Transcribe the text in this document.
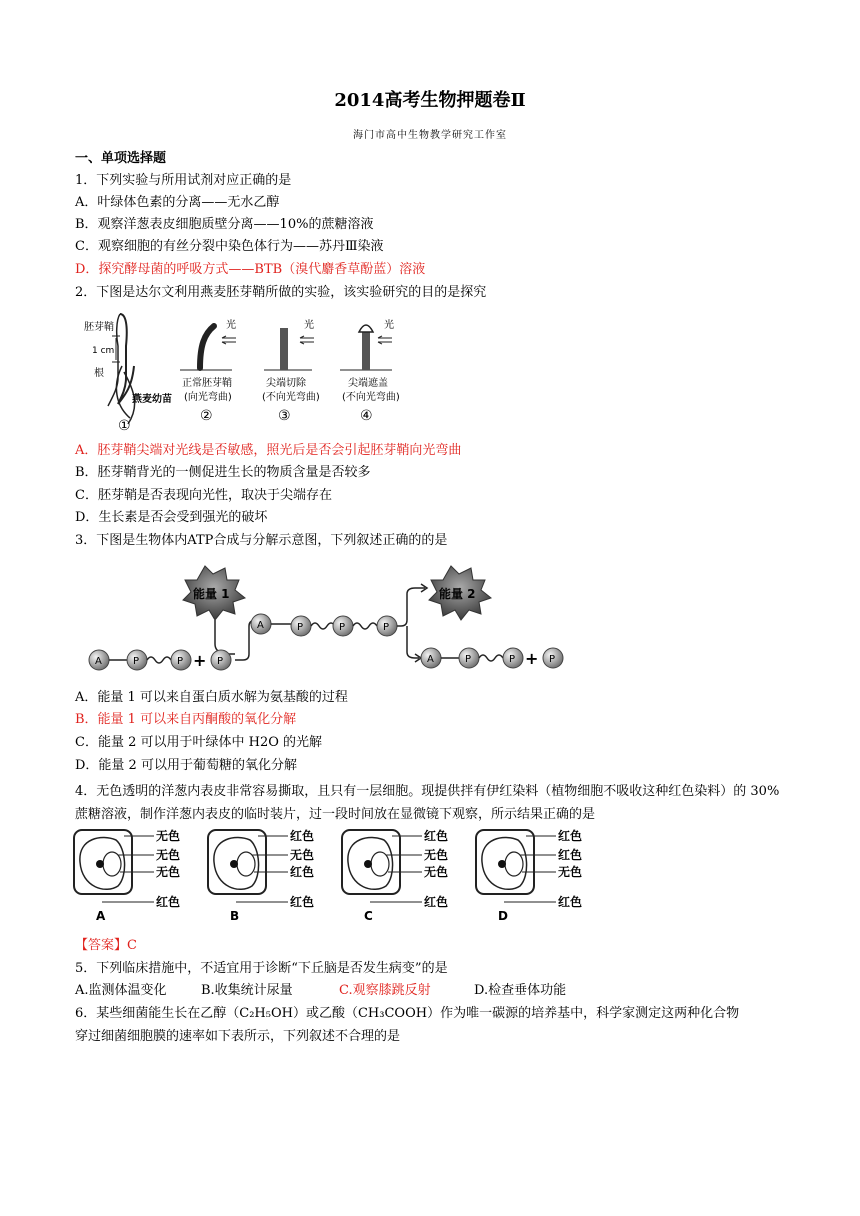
2014高考生物押题卷Ⅱ
海门市高中生物教学研究工作室
一、单项选择题
1．下列实验与所用试剂对应正确的是
A．叶绿体色素的分离——无水乙醇
B．观察洋葱表皮细胞质壁分离——10%的蔗糖溶液
C．观察细胞的有丝分裂中染色体行为——苏丹Ⅲ染液
D．探究酵母菌的呼吸方式——BTB（溴代麝香草酚蓝）溶液
2．下图是达尔文利用燕麦胚芽鞘所做的实验，该实验研究的目的是探究
胚芽鞘
1 cm
根
燕麦幼苗
①
光
正常胚芽鞘
(向光弯曲)
②
光
尖端切除
(不向光弯曲)
③
光
尖端遮盖
(不向光弯曲)
④
A．胚芽鞘尖端对光线是否敏感，照光后是否会引起胚芽鞘向光弯曲
B．胚芽鞘背光的一侧促进生长的物质含量是否较多
C．胚芽鞘是否表现向光性，取决于尖端存在
D．生长素是否会受到强光的破坏
3．下图是生物体内ATP合成与分解示意图，下列叙述正确的的是
能量 1	能量 2
A	P	P + P
A	P	P	P
A	P	P + P
A．能量 1 可以来自蛋白质水解为氨基酸的过程
B．能量 1 可以来自丙酮酸的氧化分解
C．能量 2 可以用于叶绿体中 H2O 的光解
D．能量 2 可以用于葡萄糖的氧化分解
4．无色透明的洋葱内表皮非常容易撕取，且只有一层细胞。现提供拌有伊红染料（植物细胞不吸收这种红色染料）的 30%蔗糖溶液，制作洋葱内表皮的临时装片，过一段时间放在显微镜下观察，所示结果正确的是
无色
无色
无色
红色
A
红色
无色
红色
红色
B
红色
无色
无色
红色
C
红色
红色
无色
红色
D
【答案】C
5．下列临床措施中，不适宜用于诊断“下丘脑是否发生病变”的是
A.监测体温变化	B.收集统计尿量	C.观察膝跳反射	D.检查垂体功能
6．某些细菌能生长在乙醇（C₂H₅OH）或乙酸（CH₃COOH）作为唯一碳源的培养基中，科学家测定这两种化合物
穿过细菌细胞膜的速率如下表所示，下列叙述不合理的是
